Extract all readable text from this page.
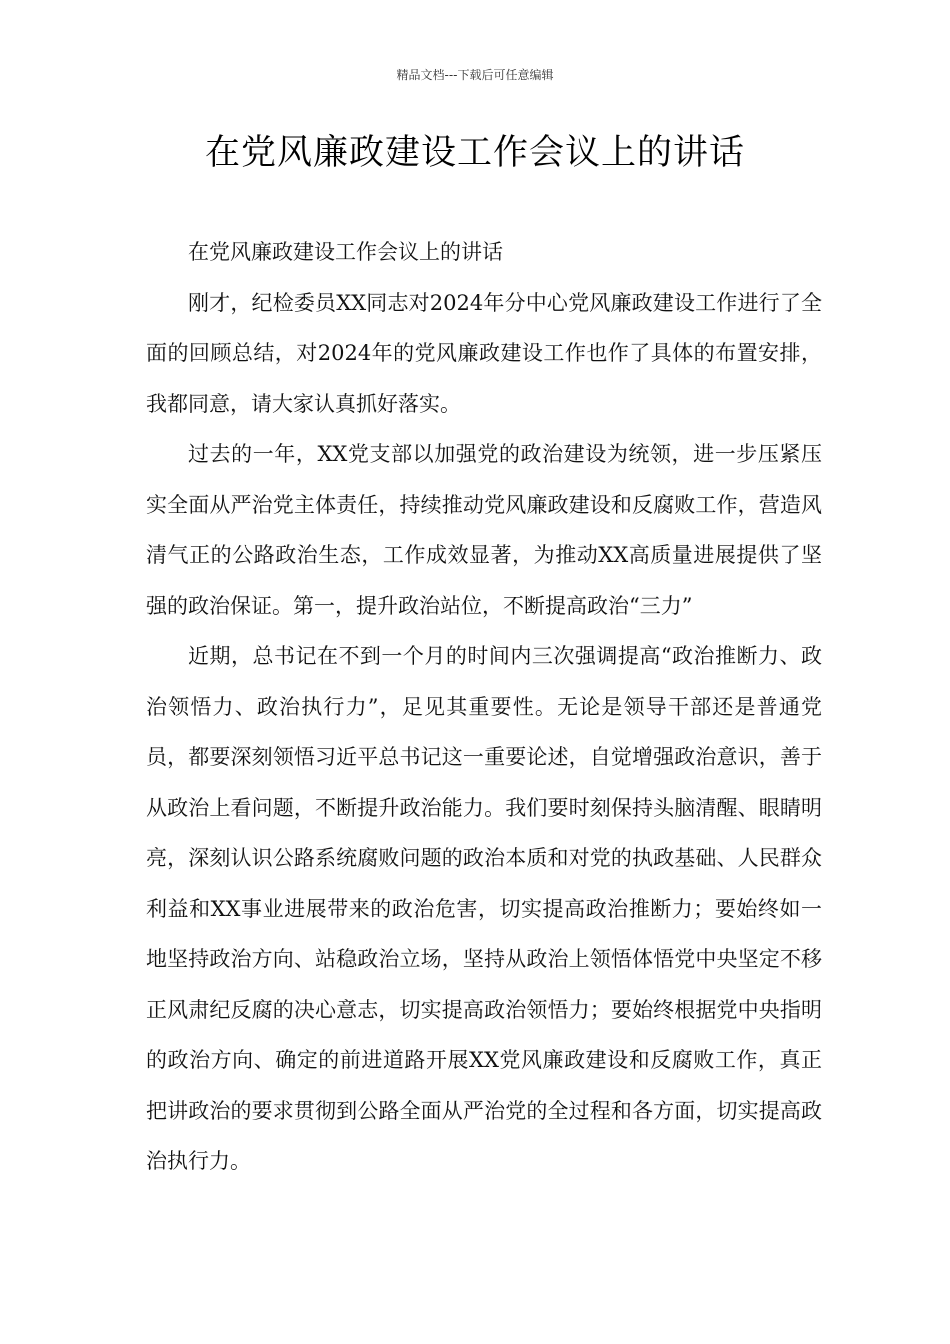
精品文档---下载后可任意编辑
在党风廉政建设工作会议上的讲话

在党风廉政建设工作会议上的讲话

刚才，纪检委员XX同志对2024年分中心党风廉政建设工作进行了全面的回顾总结，对2024年的党风廉政建设工作也作了具体的布置安排，我都同意，请大家认真抓好落实。

过去的一年，XX党支部以加强党的政治建设为统领，进一步压紧压实全面从严治党主体责任，持续推动党风廉政建设和反腐败工作，营造风清气正的公路政治生态，工作成效显著，为推动XX高质量进展提供了坚强的政治保证。第一，提升政治站位，不断提高政治“三力”

近期，总书记在不到一个月的时间内三次强调提高“政治推断力、政治领悟力、政治执行力”，足见其重要性。无论是领导干部还是普通党员，都要深刻领悟习近平总书记这一重要论述，自觉增强政治意识，善于从政治上看问题，不断提升政治能力。我们要时刻保持头脑清醒、眼睛明亮，深刻认识公路系统腐败问题的政治本质和对党的执政基础、人民群众利益和XX事业进展带来的政治危害，切实提高政治推断力；要始终如一地坚持政治方向、站稳政治立场，坚持从政治上领悟体悟党中央坚定不移正风肃纪反腐的决心意志，切实提高政治领悟力；要始终根据党中央指明的政治方向、确定的前进道路开展XX党风廉政建设和反腐败工作，真正把讲政治的要求贯彻到公路全面从严治党的全过程和各方面，切实提高政治执行力。
